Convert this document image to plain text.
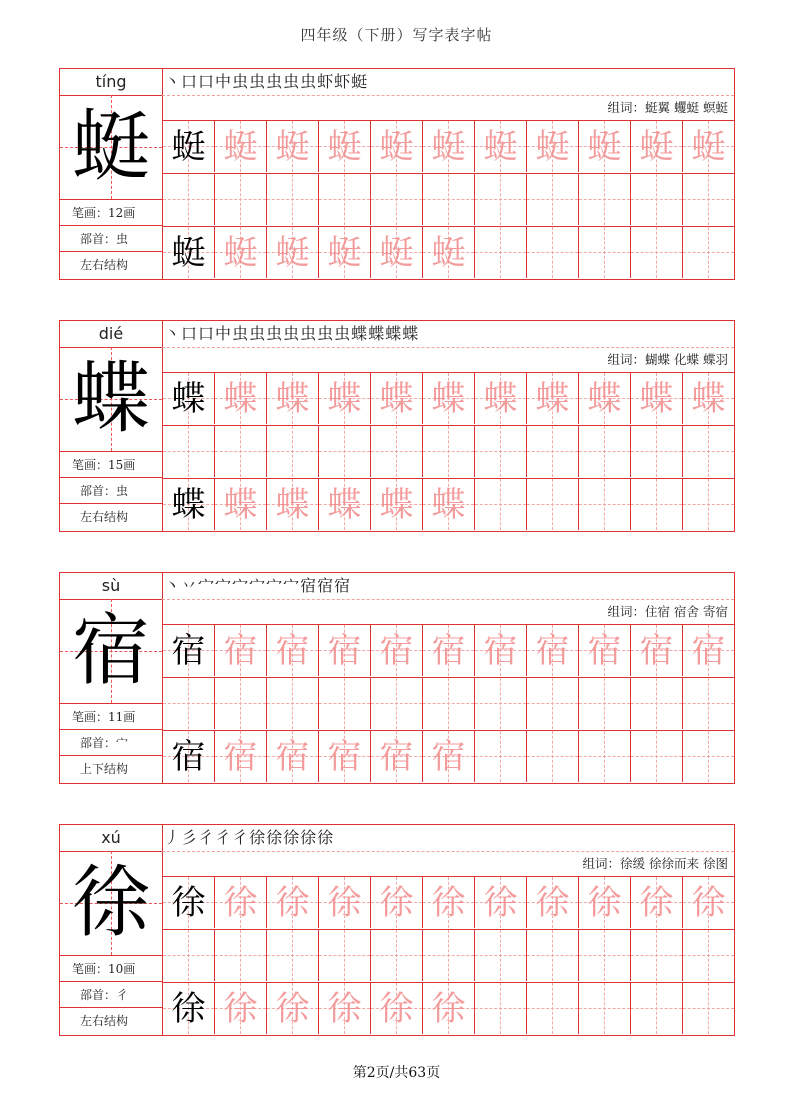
四年级（下册）写字表字帖
tíng
蜓
笔画：12画
部首：虫
左右结构
丶口口中虫虫虫虫虫虾虾蜓
组词：蜓翼 蠼蜓 螟蜓
蜓 蜓 蜓 蜓 蜓 蜓 蜓 蜓 蜓 蜓 蜓
蜓 蜓 蜓 蜓 蜓 蜓
dié
蝶
笔画：15画
部首：虫
左右结构
丶口口中虫虫虫虫虫虫虫蝶蝶蝶蝶
组词：蝴蝶 化蝶 蝶羽
蝶 蝶 蝶 蝶 蝶 蝶 蝶 蝶 蝶 蝶 蝶
蝶 蝶 蝶 蝶 蝶 蝶
sù
宿
笔画：11画
部首：宀
上下结构
丶丷宀宀宀宀宀宀宿宿宿
组词：住宿 宿舍 寄宿
宿 宿 宿 宿 宿 宿 宿 宿 宿 宿 宿
宿 宿 宿 宿 宿 宿
xú
徐
笔画：10画
部首：彳
左右结构
丿彡彳彳彳徐徐徐徐徐
组词：徐缓 徐徐而来 徐图
徐 徐 徐 徐 徐 徐 徐 徐 徐 徐 徐
徐 徐 徐 徐 徐 徐
第2页/共63页
